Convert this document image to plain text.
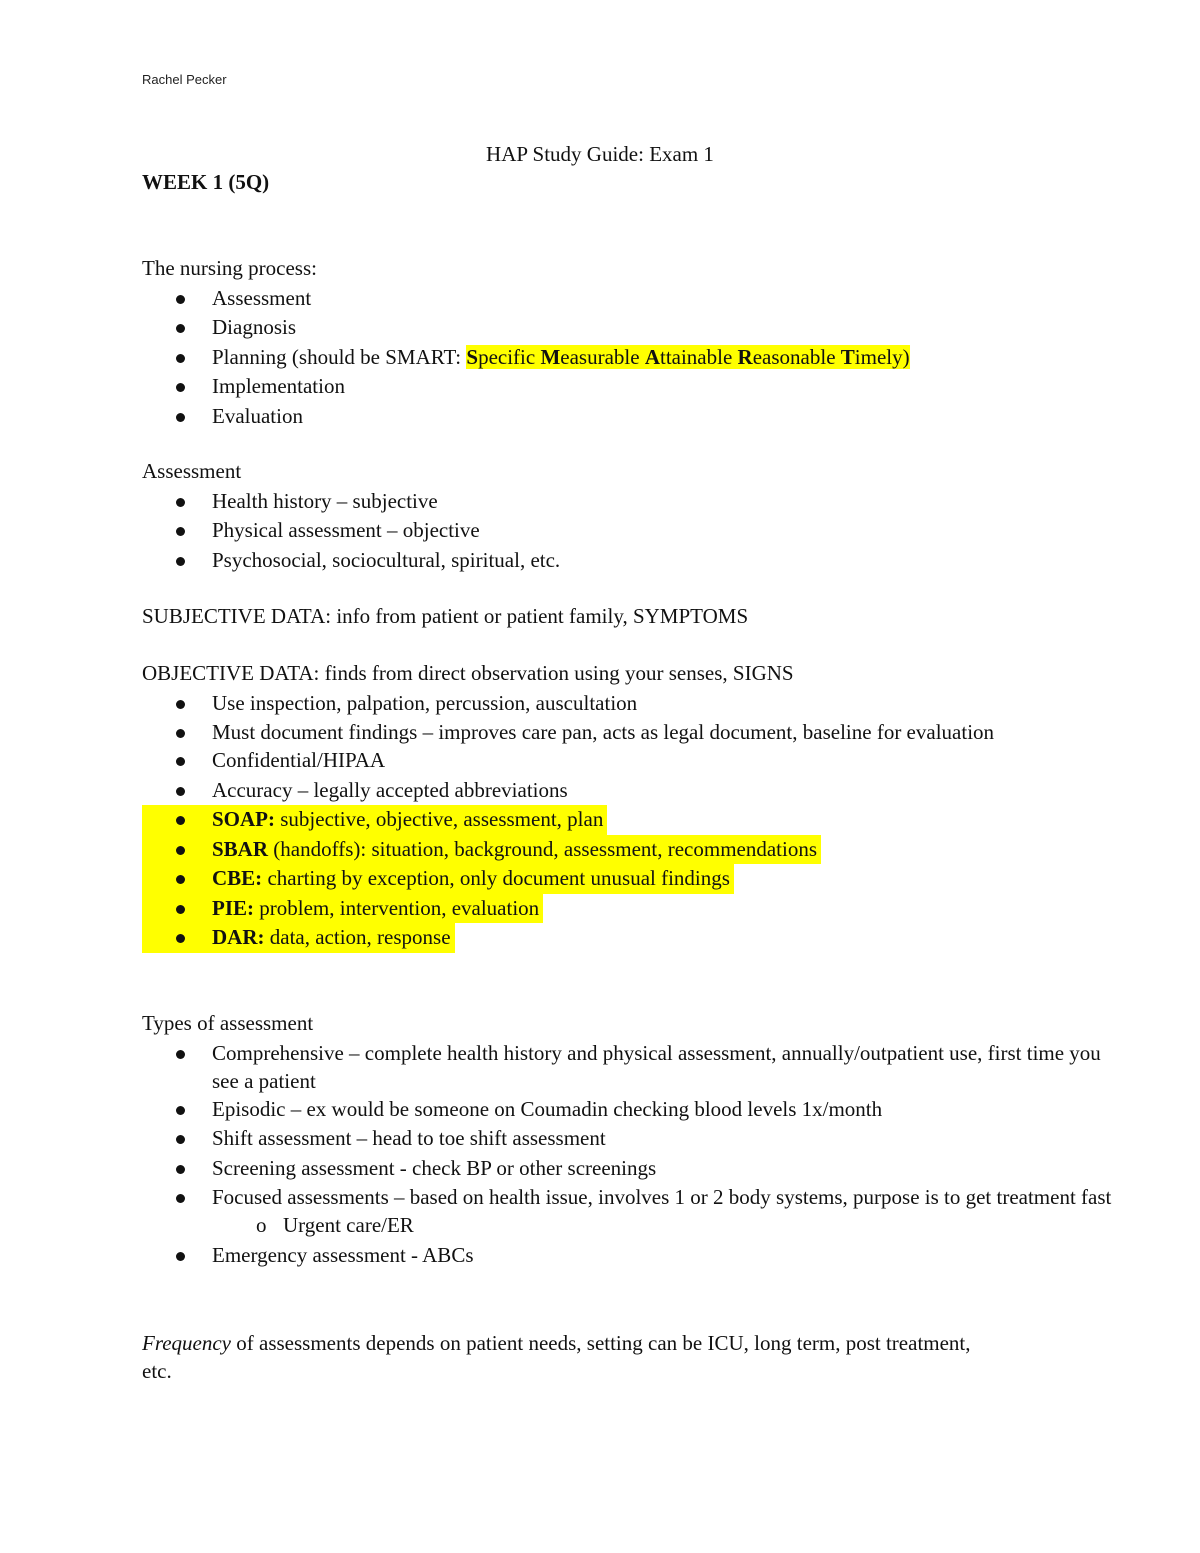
Rachel Pecker
HAP Study Guide: Exam 1
WEEK 1 (5Q)
The nursing process:
Assessment
Diagnosis
Planning (should be SMART: Specific Measurable Attainable Reasonable Timely)
Implementation
Evaluation
Assessment
Health history – subjective
Physical assessment – objective
Psychosocial, sociocultural, spiritual, etc.
SUBJECTIVE DATA: info from patient or patient family, SYMPTOMS
OBJECTIVE DATA: finds from direct observation using your senses, SIGNS
Use inspection, palpation, percussion, auscultation
Must document findings – improves care pan, acts as legal document, baseline for evaluation
Confidential/HIPAA
Accuracy – legally accepted abbreviations
SOAP: subjective, objective, assessment, plan
SBAR (handoffs): situation, background, assessment, recommendations
CBE: charting by exception, only document unusual findings
PIE: problem, intervention, evaluation
DAR: data, action, response
Types of assessment
Comprehensive – complete health history and physical assessment, annually/outpatient use, first time you see a patient
Episodic – ex would be someone on Coumadin checking blood levels 1x/month
Shift assessment – head to toe shift assessment
Screening assessment - check BP or other screenings
Focused assessments – based on health issue, involves 1 or 2 body systems, purpose is to get treatment fast
o Urgent care/ER
Emergency assessment - ABCs
Frequency of assessments depends on patient needs, setting can be ICU, long term, post treatment, etc.
